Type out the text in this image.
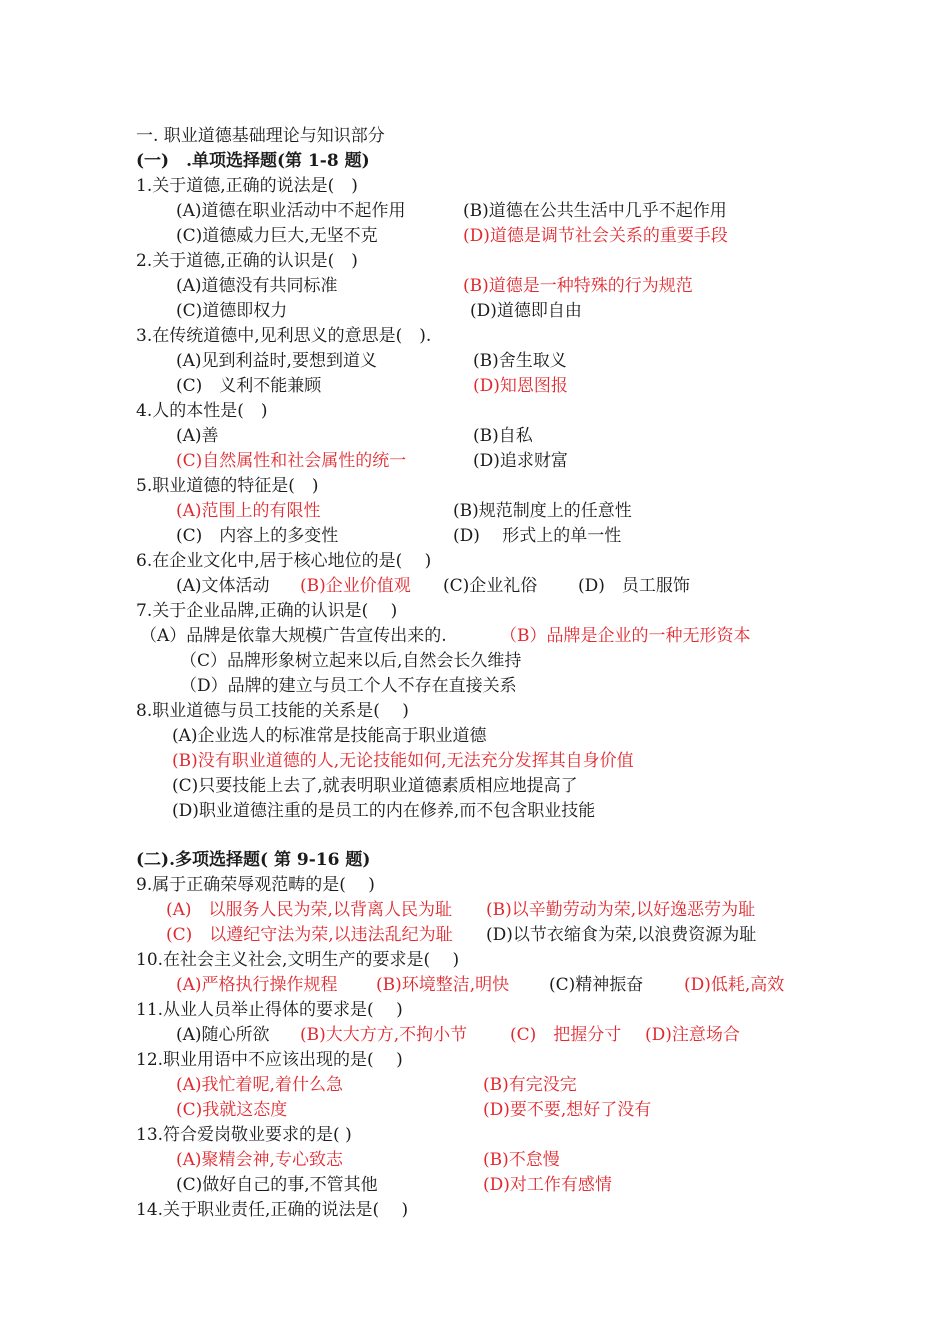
一. 职业道德基础理论与知识部分
(一)　.单项选择题(第 1-8 题)
1.关于道德,正确的说法是(　)
(A)道德在职业活动中不起作用	(B)道德在公共生活中几乎不起作用
(C)道德威力巨大,无坚不克	(D)道德是调节社会关系的重要手段
2.关于道德,正确的认识是(　)
(A)道德没有共同标准	(B)道德是一种特殊的行为规范
(C)道德即权力	(D)道德即自由
3.在传统道德中,见利思义的意思是(　).
(A)见到利益时,要想到道义	(B)舍生取义
(C)　义利不能兼顾	(D)知恩图报
4.人的本性是(　)
(A)善	(B)自私
(C)自然属性和社会属性的统一	(D)追求财富
5.职业道德的特征是(　)
(A)范围上的有限性	(B)规范制度上的任意性
(C)　内容上的多变性	(D)　 形式上的单一性
6.在企业文化中,居于核心地位的是(　 )
(A)文体活动 (B)企业价值观 (C)企业礼俗 (D)　员工服饰
7.关于企业品牌,正确的认识是(　 )
（A）品牌是依靠大规模广告宣传出来的.	（B）品牌是企业的一种无形资本
（C）品牌形象树立起来以后,自然会长久维持
（D）品牌的建立与员工个人不存在直接关系
8.职业道德与员工技能的关系是(　 )
(A)企业选人的标准常是技能高于职业道德
(B)没有职业道德的人,无论技能如何,无法充分发挥其自身价值
(C)只要技能上去了,就表明职业道德素质相应地提高了
(D)职业道德注重的是员工的内在修养,而不包含职业技能
(二).多项选择题( 第 9-16 题)
9.属于正确荣辱观范畴的是(　 )
(A)　以服务人民为荣,以背离人民为耻 (B)以辛勤劳动为荣,以好逸恶劳为耻
(C)　以遵纪守法为荣,以违法乱纪为耻 (D)以节衣缩食为荣,以浪费资源为耻
10.在社会主义社会,文明生产的要求是(　 )
(A)严格执行操作规程 (B)环境整洁,明快 (C)精神振奋 (D)低耗,高效
11.从业人员举止得体的要求是(　 )
(A)随心所欲 (B)大大方方,不拘小节	(C)　把握分寸 (D)注意场合
12.职业用语中不应该出现的是(　 )
(A)我忙着呢,着什么急	(B)有完没完
(C)我就这态度	(D)要不要,想好了没有
13.符合爱岗敬业要求的是( )
(A)聚精会神,专心致志	(B)不怠慢
(C)做好自己的事,不管其他	(D)对工作有感情
14.关于职业责任,正确的说法是(　 )
